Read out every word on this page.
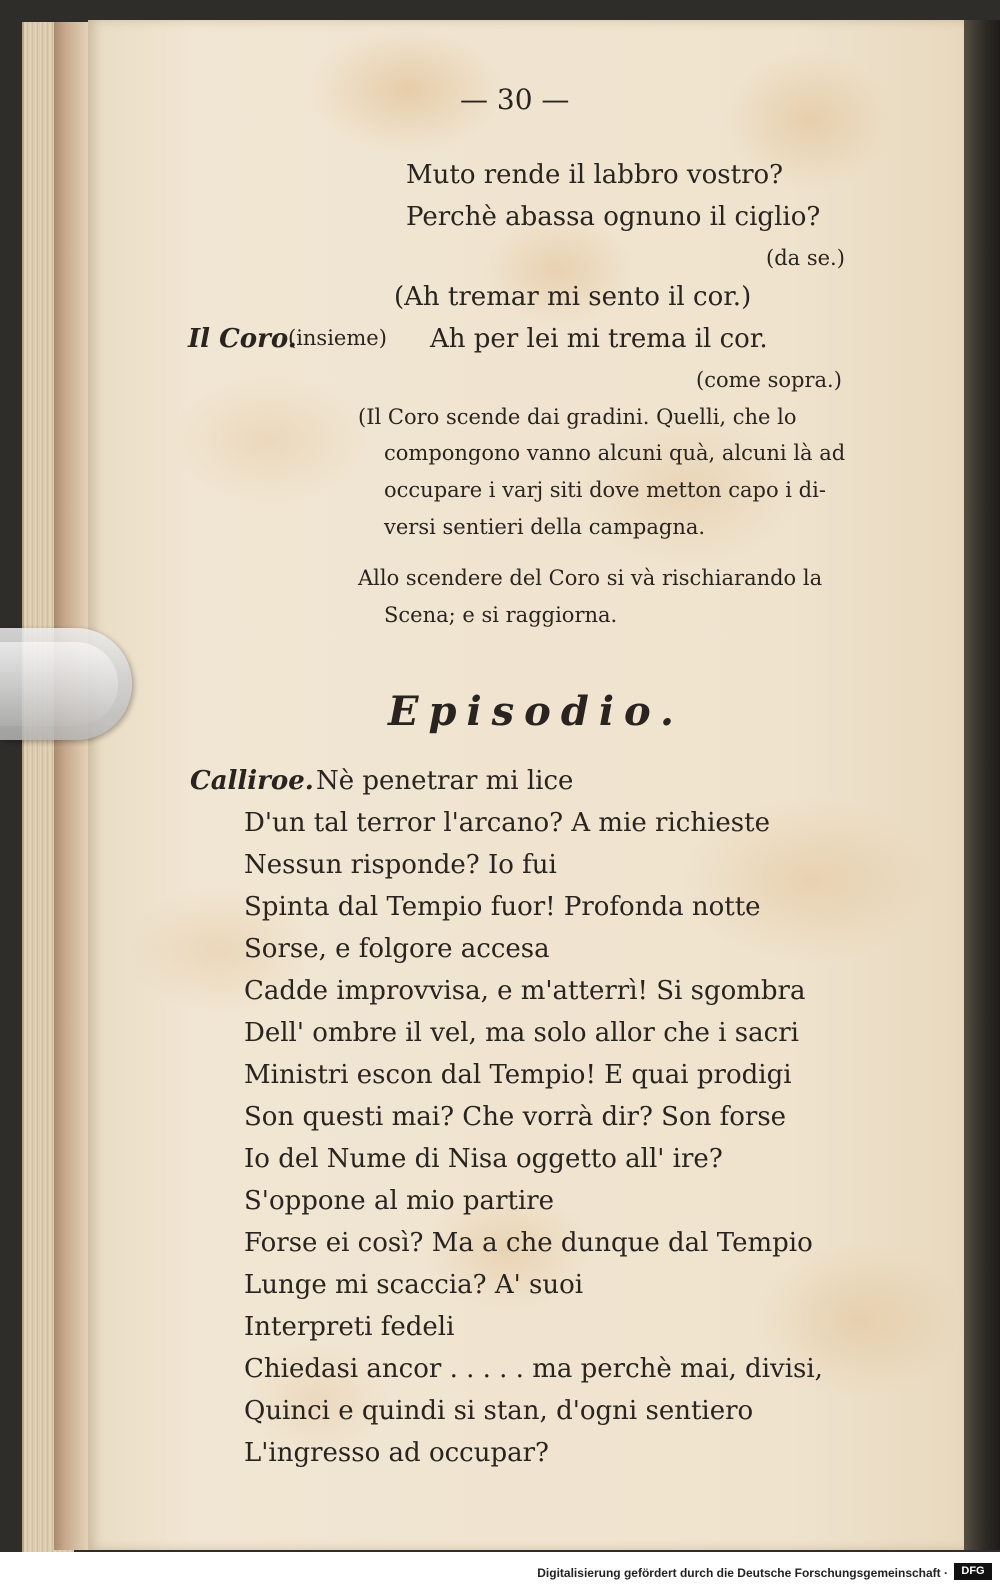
— 30 —
Muto rende il labbro vostro?
Perchè abassa ognuno il ciglio?
(da se.)
(Ah tremar mi sento il cor.)
Il Coro.
(insieme) Ah per lei mi trema il cor.
(come sopra.)
(Il Coro scende dai gradini. Quelli, che lo
compongono vanno alcuni quà, alcuni là ad
occupare i varj siti dove metton capo i di-
versi sentieri della campagna.
Allo scendere del Coro si và rischiarando la
Scena; e si raggiorna.
Episodio.
Calliroe. Nè penetrar mi lice
D'un tal terror l'arcano? A mie richieste
Nessun risponde? Io fui
Spinta dal Tempio fuor! Profonda notte
Sorse, e folgore accesa
Cadde improvvisa, e m'atterrì! Si sgombra
Dell' ombre il vel, ma solo allor che i sacri
Ministri escon dal Tempio! E quai prodigi
Son questi mai? Che vorrà dir? Son forse
Io del Nume di Nisa oggetto all' ire?
S'oppone al mio partire
Forse ei così? Ma a che dunque dal Tempio
Lunge mi scaccia? A' suoi
Interpreti fedeli
Chiedasi ancor . . . . . ma perchè mai, divisi,
Quinci e quindi si stan, d'ogni sentiero
L'ingresso ad occupar?
Digitalisierung gefördert durch die Deutsche Forschungsgemeinschaft ·	DFG
